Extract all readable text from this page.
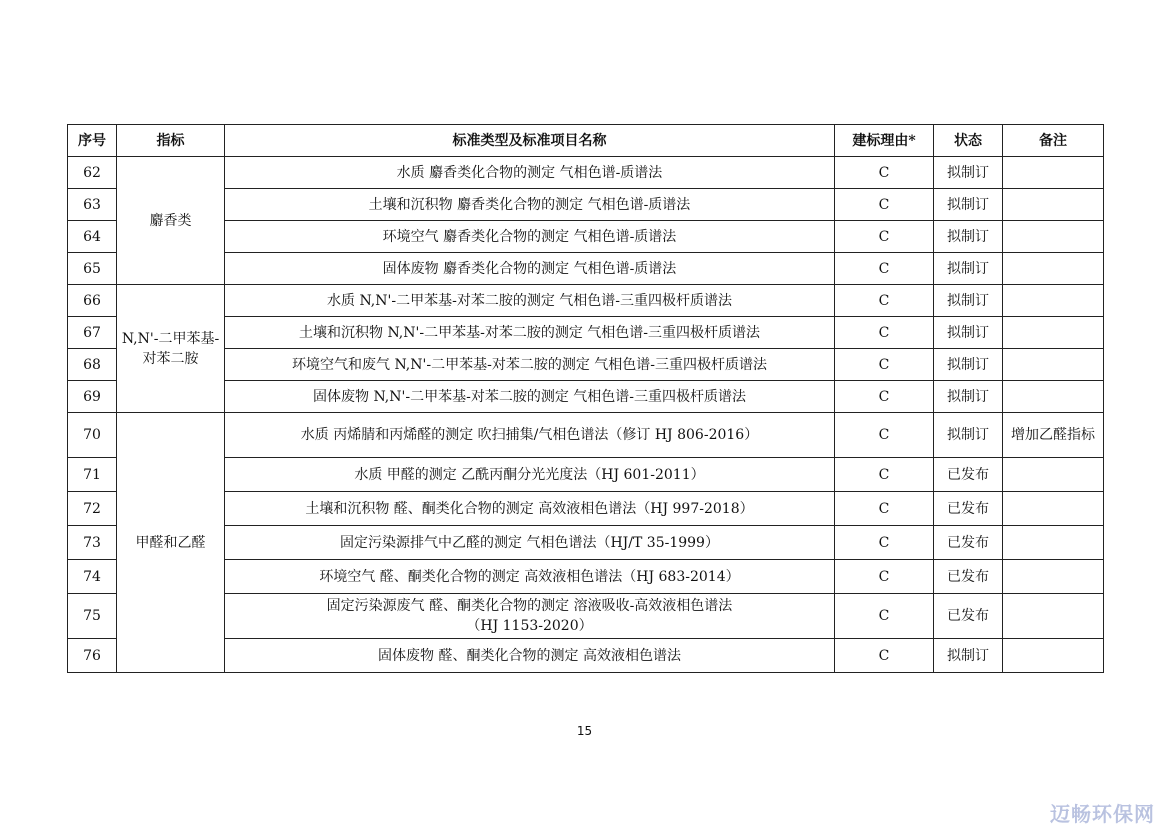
序号	指标	标准类型及标准项目名称	建标理由*	状态	备注
62	麝香类	水质 麝香类化合物的测定 气相色谱-质谱法	C	拟制订	
63		土壤和沉积物 麝香类化合物的测定 气相色谱-质谱法	C	拟制订	
64		环境空气 麝香类化合物的测定 气相色谱-质谱法	C	拟制订	
65		固体废物 麝香类化合物的测定 气相色谱-质谱法	C	拟制订	
66	N,N'-二甲苯基-
对苯二胺	水质 N,N'-二甲苯基-对苯二胺的测定 气相色谱-三重四极杆质谱法	C	拟制订	
67		土壤和沉积物 N,N'-二甲苯基-对苯二胺的测定 气相色谱-三重四极杆质谱法	C	拟制订	
68		环境空气和废气 N,N'-二甲苯基-对苯二胺的测定 气相色谱-三重四极杆质谱法	C	拟制订	
69		固体废物 N,N'-二甲苯基-对苯二胺的测定 气相色谱-三重四极杆质谱法	C	拟制订	
70	甲醛和乙醛	水质 丙烯腈和丙烯醛的测定 吹扫捕集/气相色谱法（修订 HJ 806-2016）	C	拟制订	增加乙醛指标
71		水质 甲醛的测定 乙酰丙酮分光光度法（HJ 601-2011）	C	已发布	
72		土壤和沉积物 醛、酮类化合物的测定 高效液相色谱法（HJ 997-2018）	C	已发布	
73		固定污染源排气中乙醛的测定 气相色谱法（HJ/T 35-1999）	C	已发布	
74		环境空气 醛、酮类化合物的测定 高效液相色谱法（HJ 683-2014）	C	已发布	
75		固定污染源废气 醛、酮类化合物的测定 溶液吸收-高效液相色谱法
（HJ 1153-2020）	C	已发布	
76		固体废物 醛、酮类化合物的测定 高效液相色谱法	C	拟制订	
15
迈畅环保网
